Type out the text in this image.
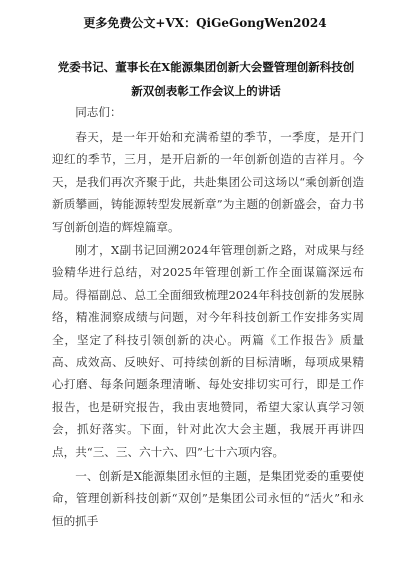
更多免费公文+VX：QiGeGongWen2024
党委书记、董事长在X能源集团创新大会暨管理创新科技创
新双创表彰工作会议上的讲话

同志们：

春天，是一年开始和充满希望的季节，一季度，是开门迎红的季节，三月，是开启新的一年创新创造的吉祥月。今天，是我们再次齐聚于此，共赴集团公司这场以“乘创新创造新质攀画，铸能源转型发展新章”为主题的创新盛会，奋力书写创新创造的辉煌篇章。

刚才，X副书记回溯2024年管理创新之路，对成果与经验精华进行总结，对2025年管理创新工作全面谋篇深远布局。得福副总、总工全面细致梳理2024年科技创新的发展脉络，精准洞察成绩与问题，对今年科技创新工作安排务实周全，坚定了科技引领创新的决心。两篇《工作报告》质量高、成效高、反映好、可持续创新的目标清晰，每项成果精心打磨、每条问题条理清晰、每处安排切实可行，即是工作报告，也是研究报告，我由衷地赞同，希望大家认真学习领会，抓好落实。下面，针对此次大会主题，我展开再讲四点，共“三、三、六十六、四”七十六项内容。

一、创新是X能源集团永恒的主题，是集团党委的重要使命，管理创新科技创新“双创”是集团公司永恒的“活火”和永恒的抓手
